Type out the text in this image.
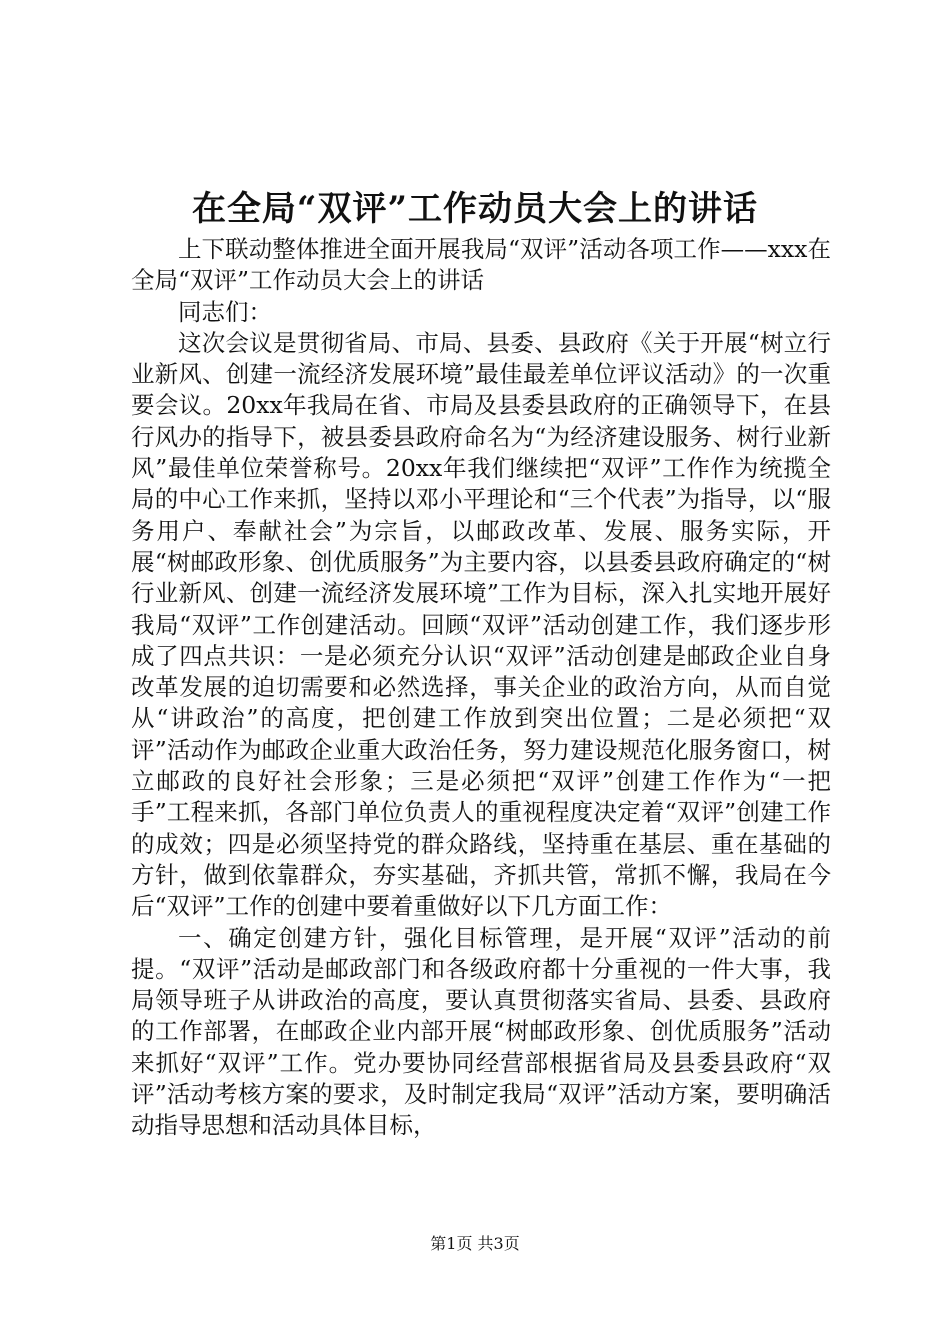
在全局“双评”工作动员大会上的讲话

上下联动整体推进全面开展我局“双评”活动各项工作——xxx在全局“双评”工作动员大会上的讲话

同志们：

这次会议是贯彻省局、市局、县委、县政府《关于开展“树立行业新风、创建一流经济发展环境”最佳最差单位评议活动》的一次重要会议。20xx年我局在省、市局及县委县政府的正确领导下，在县行风办的指导下，被县委县政府命名为“为经济建设服务、树行业新风”最佳单位荣誉称号。20xx年我们继续把“双评”工作作为统揽全局的中心工作来抓，坚持以邓小平理论和“三个代表”为指导，以“服务用户、奉献社会”为宗旨，以邮政改革、发展、服务实际，开展“树邮政形象、创优质服务”为主要内容，以县委县政府确定的“树行业新风、创建一流经济发展环境”工作为目标，深入扎实地开展好我局“双评”工作创建活动。回顾“双评”活动创建工作，我们逐步形成了四点共识：一是必须充分认识“双评”活动创建是邮政企业自身改革发展的迫切需要和必然选择，事关企业的政治方向，从而自觉从“讲政治”的高度，把创建工作放到突出位置；二是必须把“双评”活动作为邮政企业重大政治任务，努力建设规范化服务窗口，树立邮政的良好社会形象；三是必须把“双评”创建工作作为“一把手”工程来抓，各部门单位负责人的重视程度决定着“双评”创建工作的成效；四是必须坚持党的群众路线，坚持重在基层、重在基础的方针，做到依靠群众，夯实基础，齐抓共管，常抓不懈，我局在今后“双评”工作的创建中要着重做好以下几方面工作：

一、确定创建方针，强化目标管理，是开展“双评”活动的前提。“双评”活动是邮政部门和各级政府都十分重视的一件大事，我局领导班子从讲政治的高度，要认真贯彻落实省局、县委、县政府的工作部署，在邮政企业内部开展“树邮政形象、创优质服务”活动来抓好“双评”工作。党办要协同经营部根据省局及县委县政府“双评”活动考核方案的要求，及时制定我局“双评”活动方案，要明确活动指导思想和活动具体目标，

第1页 共3页
